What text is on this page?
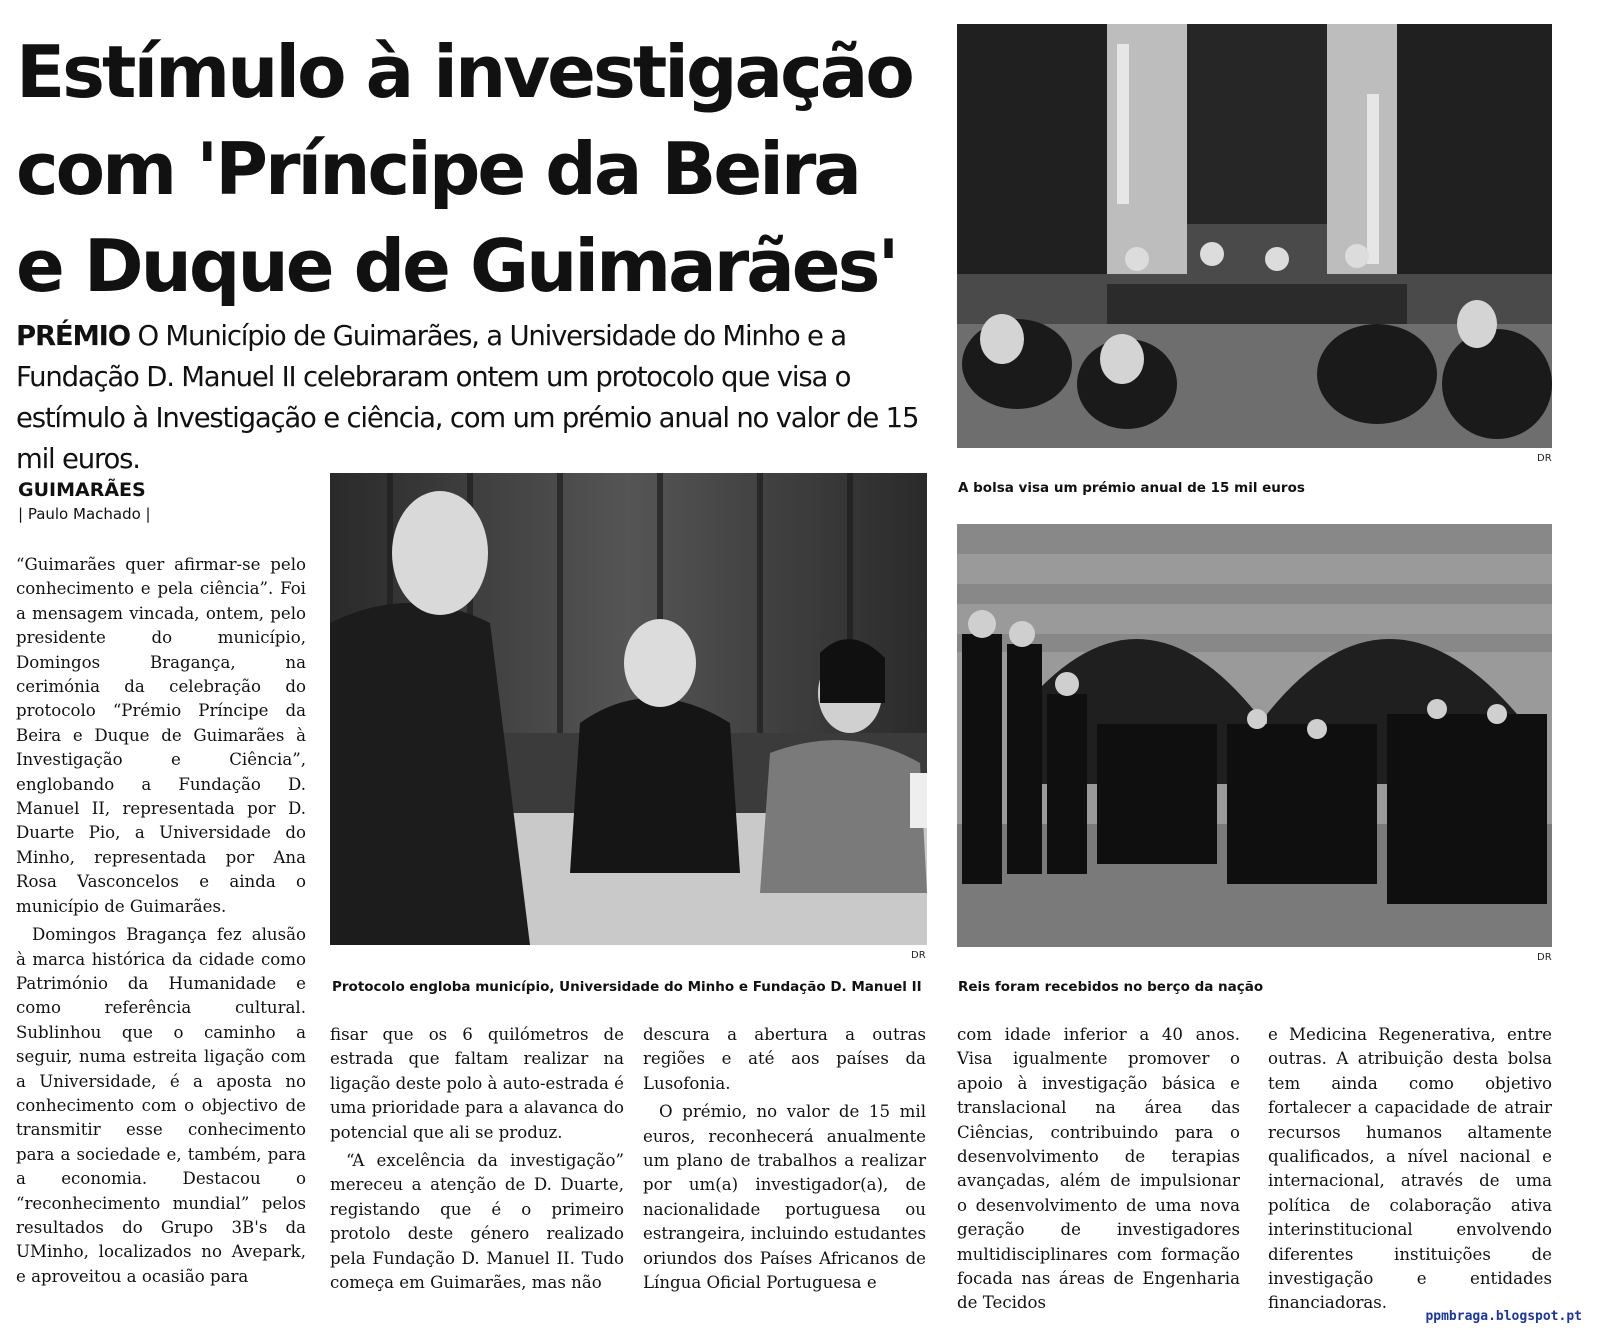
Estímulo à investigação
com 'Príncipe da Beira
e Duque de Guimarães'
PRÉMIO O Município de Guimarães, a Universidade do Minho e a Fundação D. Manuel II celebraram ontem um protocolo que visa o estímulo à Investigação e ciência, com um prémio anual no valor de 15 mil euros.
GUIMARÃES
| Paulo Machado |

“Guimarães quer afirmar-se pelo conhecimento e pela ciência”. Foi a mensagem vincada, ontem, pelo presidente do município, Domingos Bragança, na cerimónia da celebração do protocolo “Prémio Príncipe da Beira e Duque de Guimarães à Investigação e Ciência”, englobando a Fundação D. Manuel II, representada por D. Duarte Pio, a Universidade do Minho, representada por Ana Rosa Vasconcelos e ainda o município de Guimarães.

Domingos Bragança fez alusão à marca histórica da cidade como Património da Humanidade e como referência cultural. Sublinhou que o caminho a seguir, numa estreita ligação com a Universidade, é a aposta no conhecimento com o objectivo de transmitir esse conhecimento para a sociedade e, também, para a economia. Destacou o “reconhecimento mundial” pelos resultados do Grupo 3B's da UMinho, localizados no Avepark, e aproveitou a ocasião para

DR
Protocolo engloba município, Universidade do Minho e Fundação D. Manuel II
DR
A bolsa visa um prémio anual de 15 mil euros
DR
Reis foram recebidos no berço da nação

fisar que os 6 quilómetros de estrada que faltam realizar na ligação deste polo à auto-estrada é uma prioridade para a alavanca do potencial que ali se produz.

“A excelência da investigação” mereceu a atenção de D. Duarte, registando que é o primeiro protolo deste género realizado pela Fundação D. Manuel II. Tudo começa em Guimarães, mas não

descura a abertura a outras regiões e até aos países da Lusofonia.

O prémio, no valor de 15 mil euros, reconhecerá anualmente um plano de trabalhos a realizar por um(a) investigador(a), de nacionalidade portuguesa ou estrangeira, incluindo estudantes oriundos dos Países Africanos de Língua Oficial Portuguesa e

com idade inferior a 40 anos. Visa igualmente promover o apoio à investigação básica e translacional na área das Ciências, contribuindo para o desenvolvimento de terapias avançadas, além de impulsionar o desenvolvimento de uma nova geração de investigadores multidisciplinares com formação focada nas áreas de Engenharia de Tecidos

e Medicina Regenerativa, entre outras. A atribuição desta bolsa tem ainda como objetivo fortalecer a capacidade de atrair recursos humanos altamente qualificados, a nível nacional e internacional, através de uma política de colaboração ativa interinstitucional envolvendo diferentes instituições de investigação e entidades financiadoras.

ppmbraga.blogspot.pt
